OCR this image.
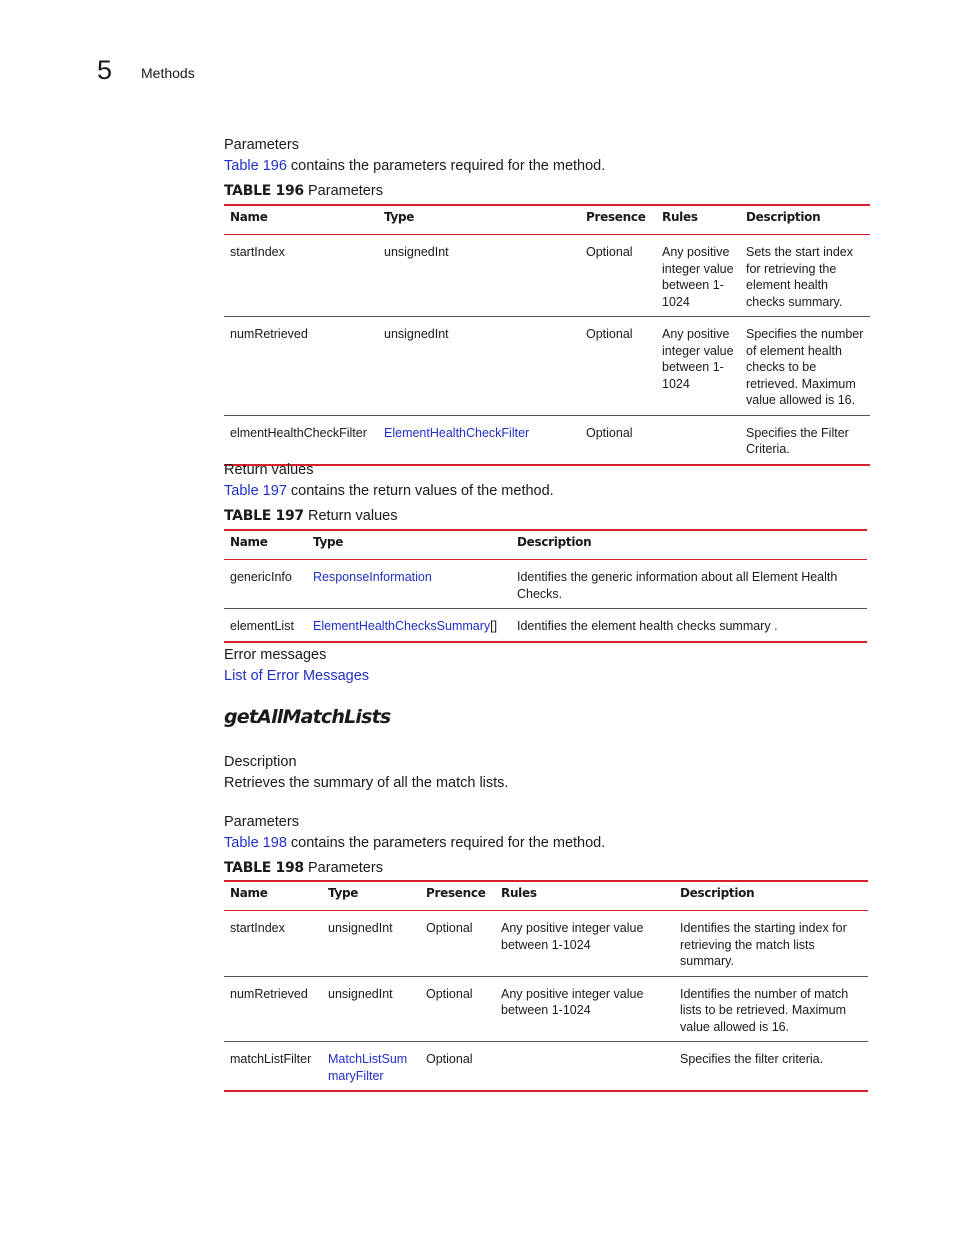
5 Methods

Parameters

Table 196 contains the parameters required for the method.

TABLE 196 Parameters
Name	Type	Presence	Rules	Description
startIndex	unsignedInt	Optional	Any positive integer value between 1-1024	Sets the start index for retrieving the element health checks summary.
numRetrieved	unsignedInt	Optional	Any positive integer value between 1-1024	Specifies the number of element health checks to be retrieved. Maximum value allowed is 16.
elmentHealthCheckFilter	ElementHealthCheckFilter	Optional		Specifies the Filter Criteria.

Return values

Table 197 contains the return values of the method.

TABLE 197 Return values
Name	Type	Description
genericInfo	ResponseInformation	Identifies the generic information about all Element Health Checks.
elementList	ElementHealthChecksSummary[]	Identifies the element health checks summary .

Error messages

List of Error Messages

getAllMatchLists

Description

Retrieves the summary of all the match lists.

Parameters

Table 198 contains the parameters required for the method.

TABLE 198 Parameters
Name	Type	Presence	Rules	Description
startIndex	unsignedInt	Optional	Any positive integer value between 1-1024	Identifies the starting index for retrieving the match lists summary.
numRetrieved	unsignedInt	Optional	Any positive integer value between 1-1024	Identifies the number of match lists to be retrieved. Maximum value allowed is 16.
matchListFilter	MatchListSummaryFilter	Optional		Specifies the filter criteria.
